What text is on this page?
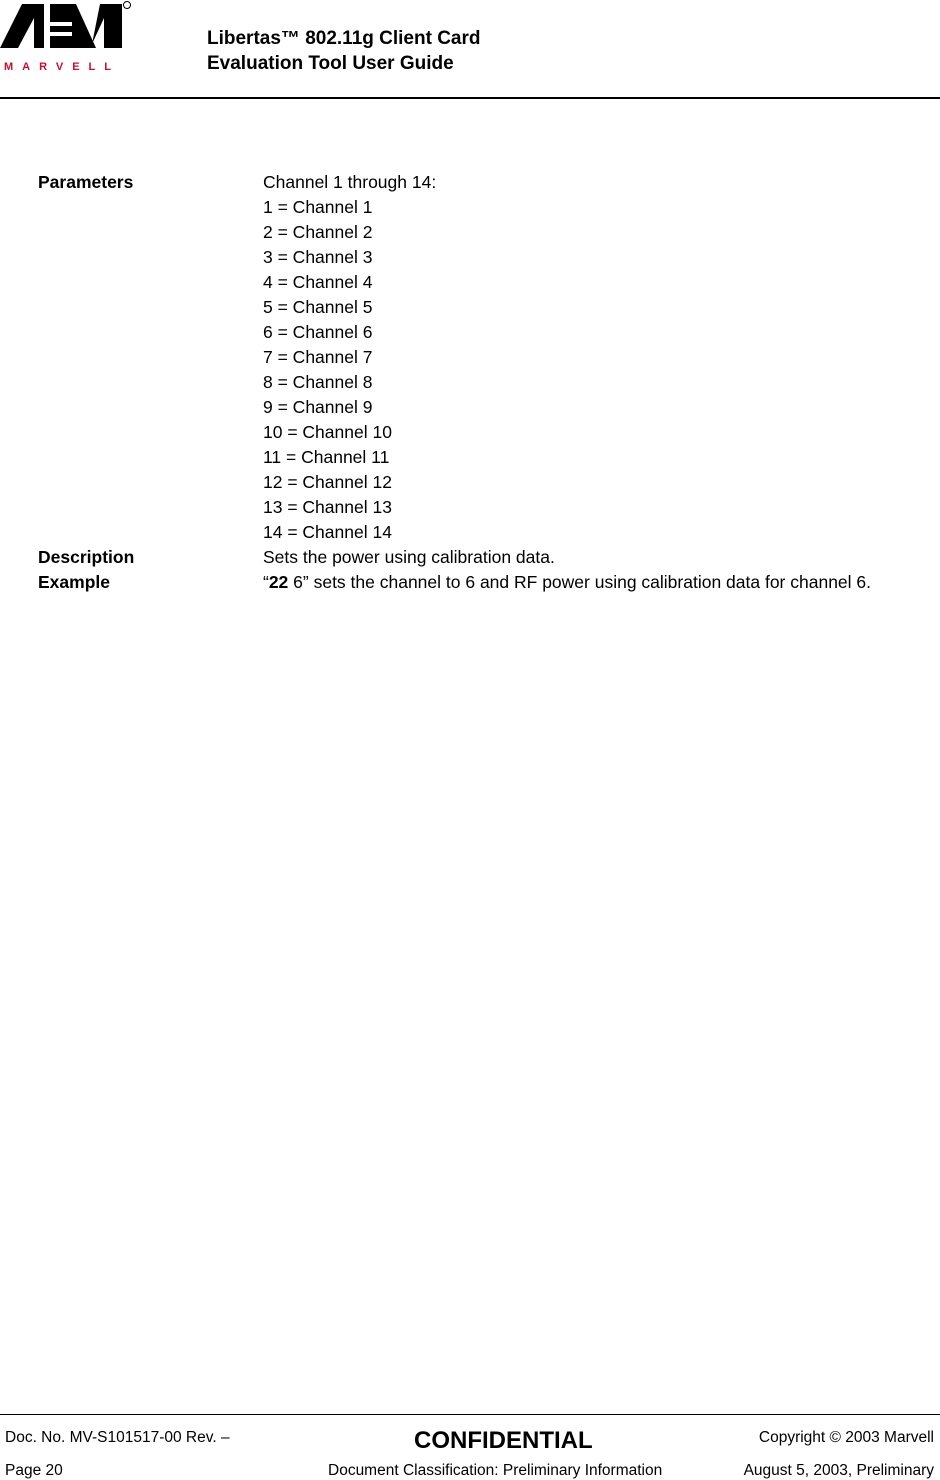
MARVELL
Libertas™ 802.11g Client Card
Evaluation Tool User Guide
Parameters	Channel 1 through 14:
1 = Channel 1
2 = Channel 2
3 = Channel 3
4 = Channel 4
5 = Channel 5
6 = Channel 6
7 = Channel 7
8 = Channel 8
9 = Channel 9
10 = Channel 10
11 = Channel 11
12 = Channel 12
13 = Channel 13
14 = Channel 14
Description	Sets the power using calibration data.
Example	“22 6” sets the channel to 6 and RF power using calibration data for channel 6.
Doc. No. MV-S101517-00 Rev. –	CONFIDENTIAL	Copyright © 2003 Marvell
Page 20	Document Classification: Preliminary Information	August 5, 2003, Preliminary
